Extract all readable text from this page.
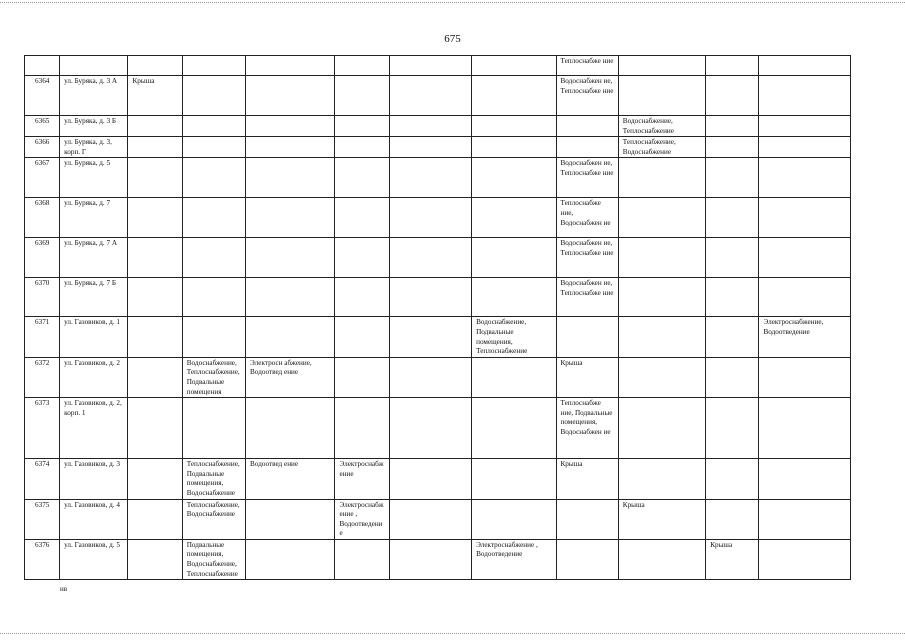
675
								Теплоснабже ние			
6364	ул. Буряка, д. 3 А	Крыша						Водоснабжен ие, Теплоснабже ние			
6365	ул. Буряка, д. 3 Б								Водоснабжение, Теплоснабжение		
6366	ул. Буряка, д. 3, корп. Г								Теплоснабжение, Водоснабжение		
6367	ул. Буряка, д. 5							Водоснабжен ие, Теплоснабже ние			
6368	ул. Буряка, д. 7							Теплоснабже ние, Водоснабжен ие			
6369	ул. Буряка, д. 7 А							Водоснабжен ие, Теплоснабже ние			
6370	ул. Буряка, д. 7 Б							Водоснабжен ие, Теплоснабже ние			
6371	ул. Газовиков, д. 1						Водоснабжение, Подвальные помещения, Теплоснабжение				Электроснабжение, Водоотведение
6372	ул. Газовиков, д. 2		Водоснабжение, Теплоснабжение, Подвальные помещения	Электросн абжение, Водоотвед ение				Крыша			
6373	ул. Газовиков, д. 2, корп. 1							Теплоснабже ние, Подвальные помещения, Водоснабжен ие			
6374	ул. Газовиков, д. 3		Теплоснабжение, Подвальные помещения, Водоснабжение	Водоотвед ение	Электроснабжение			Крыша			
6375	ул. Газовиков, д. 4		Теплоснабжение, Водоснабжение		Электроснабжение , Водоотведение				Крыша		
6376	ул. Газовиков, д. 5		Подвальные помещения, Водоснабжение, Теплоснабжение				Электроснабжение , Водоотведение			Крыша	
нв
